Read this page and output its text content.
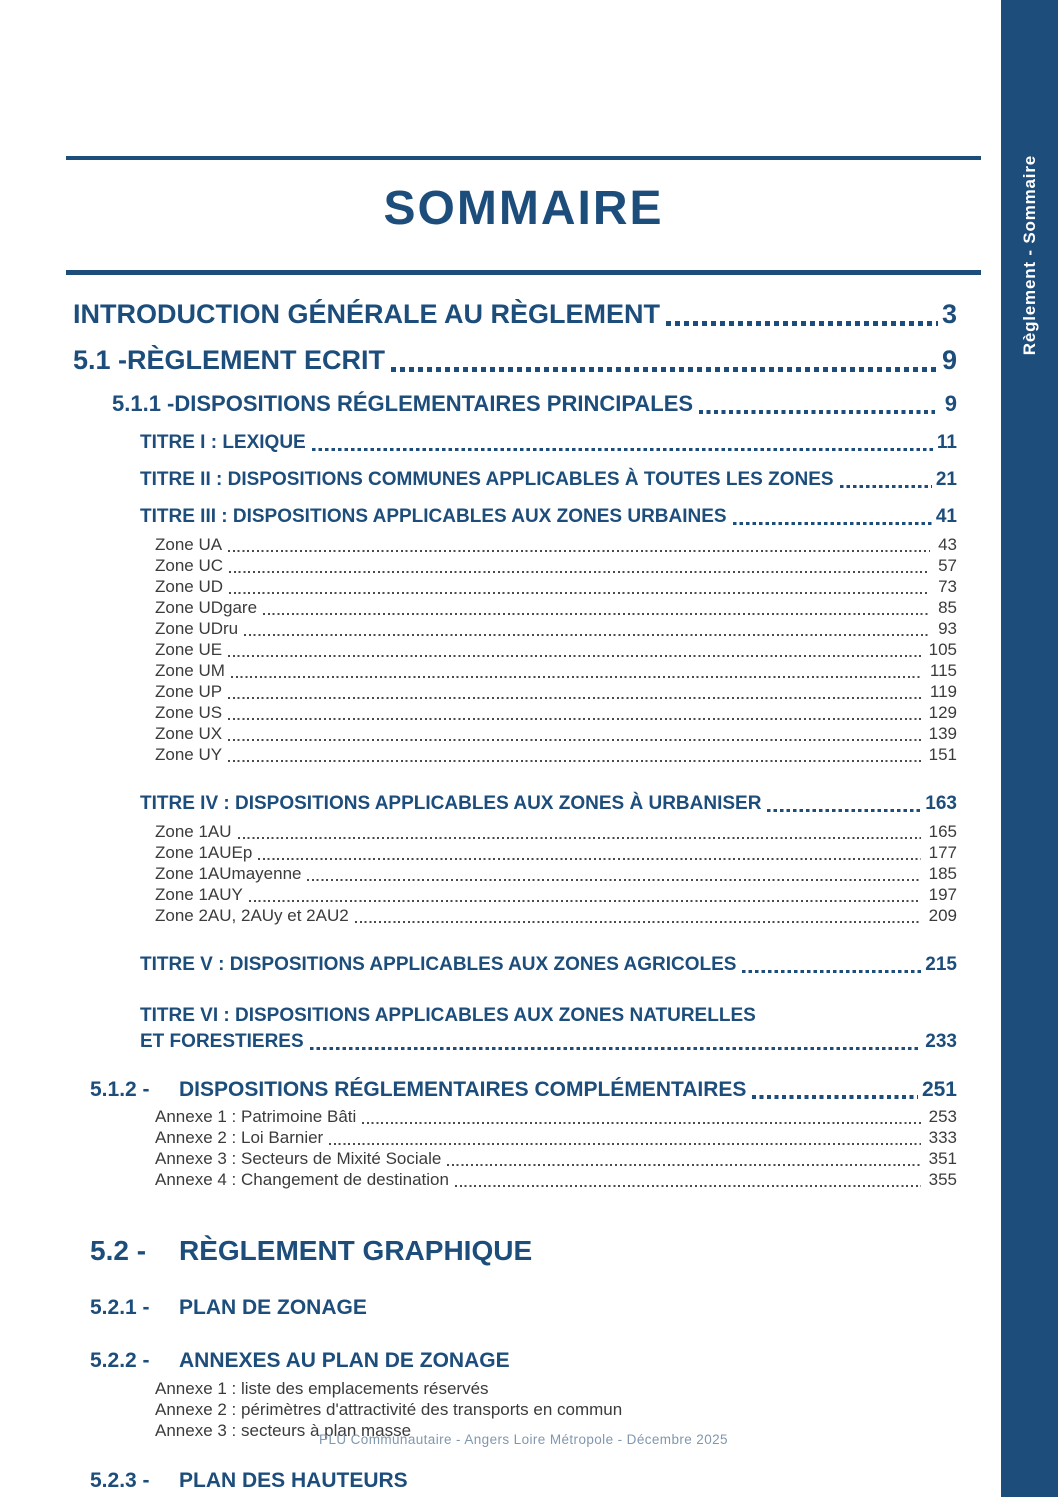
Règlement - Sommaire
SOMMAIRE
INTRODUCTION GÉNÉRALE AU RÈGLEMENT	3
5.1 -RÈGLEMENT ECRIT	9
5.1.1 -DISPOSITIONS RÉGLEMENTAIRES PRINCIPALES	9
TITRE I : LEXIQUE	11
TITRE II : DISPOSITIONS COMMUNES APPLICABLES À TOUTES LES ZONES	21
TITRE III : DISPOSITIONS APPLICABLES AUX ZONES URBAINES	41
Zone UA	43
Zone UC	57
Zone UD	73
Zone UDgare	85
Zone UDru	93
Zone UE	105
Zone UM	115
Zone UP	119
Zone US	129
Zone UX	139
Zone UY	151
TITRE IV : DISPOSITIONS APPLICABLES AUX ZONES À URBANISER	163
Zone 1AU	165
Zone 1AUEp	177
Zone 1AUmayenne	185
Zone 1AUY	197
Zone 2AU, 2AUy et 2AU2	209
TITRE V : DISPOSITIONS APPLICABLES AUX ZONES AGRICOLES	215
TITRE VI : DISPOSITIONS APPLICABLES AUX ZONES NATURELLES
ET FORESTIERES	233
5.1.2 -	DISPOSITIONS RÉGLEMENTAIRES COMPLÉMENTAIRES	251
Annexe 1 : Patrimoine Bâti	253
Annexe 2 : Loi Barnier	333
Annexe 3 : Secteurs de Mixité Sociale	351
Annexe 4 : Changement de destination	355
5.2 -	RÈGLEMENT GRAPHIQUE
5.2.1 -	PLAN DE ZONAGE
5.2.2 -	ANNEXES AU PLAN DE ZONAGE
Annexe 1 : liste des emplacements réservés
Annexe 2 : périmètres d'attractivité des transports en commun
Annexe 3 : secteurs à plan masse
5.2.3 -	PLAN DES HAUTEURS
PLU Communautaire - Angers Loire Métropole - Décembre 2025
